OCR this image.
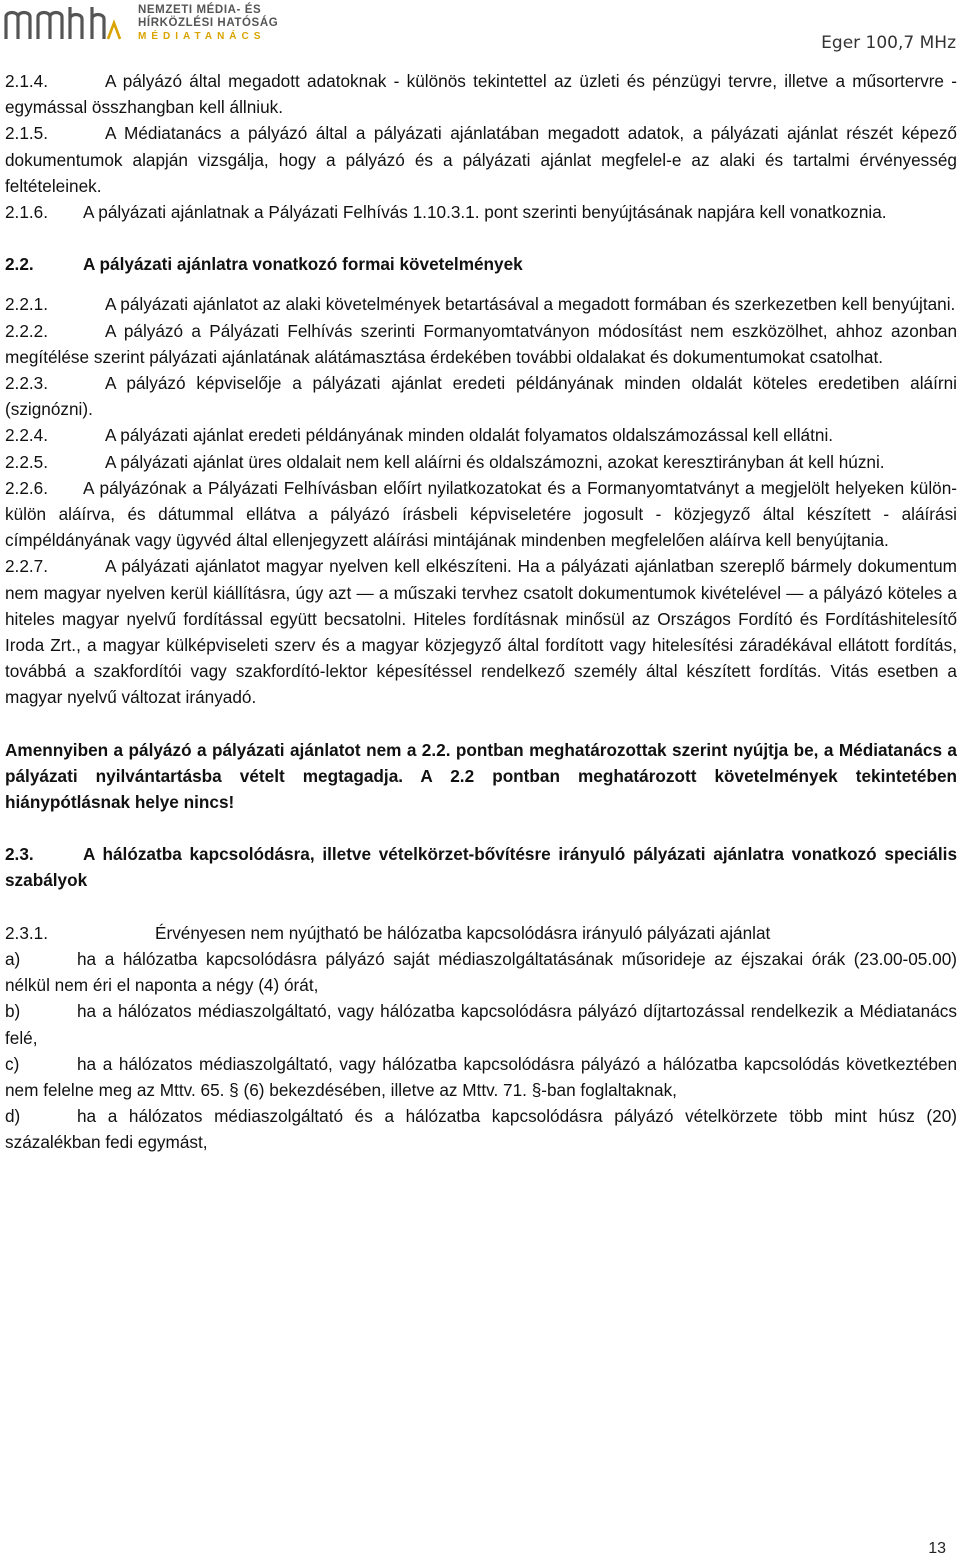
NEMZETI MÉDIA- ÉS
HÍRKÖZLÉSI HATÓSÁG
MÉDIATANÁCS	Eger 100,7 MHz

2.1.4.	A pályázó által megadott adatoknak - különös tekintettel az üzleti és pénzügyi tervre, illetve a műsortervre - egymással összhangban kell állniuk.

2.1.5.	A Médiatanács a pályázó által a pályázati ajánlatában megadott adatok, a pályázati ajánlat részét képező dokumentumok alapján vizsgálja, hogy a pályázó és a pályázati ajánlat megfelel-e az alaki és tartalmi érvényesség feltételeinek.

2.1.6. A pályázati ajánlatnak a Pályázati Felhívás 1.10.3.1. pont szerinti benyújtásának napjára kell vonatkoznia.

2.2.	A pályázati ajánlatra vonatkozó formai követelmények

2.2.1.	A pályázati ajánlatot az alaki követelmények betartásával a megadott formában és szerkezetben kell benyújtani.

2.2.2.	A pályázó a Pályázati Felhívás szerinti Formanyomtatványon módosítást nem eszközölhet, ahhoz azonban megítélése szerint pályázati ajánlatának alátámasztása érdekében további oldalakat és dokumentumokat csatolhat.

2.2.3.	A pályázó képviselője a pályázati ajánlat eredeti példányának minden oldalát köteles eredetiben aláírni (szignózni).

2.2.4.	A pályázati ajánlat eredeti példányának minden oldalát folyamatos oldalszámozással kell ellátni.

2.2.5.	A pályázati ajánlat üres oldalait nem kell aláírni és oldalszámozni, azokat keresztirányban át kell húzni.

2.2.6. A pályázónak a Pályázati Felhívásban előírt nyilatkozatokat és a Formanyomtatványt a megjelölt helyeken külön-külön aláírva, és dátummal ellátva a pályázó írásbeli képviseletére jogosult - közjegyző által készített - aláírási címpéldányának vagy ügyvéd által ellenjegyzett aláírási mintájának mindenben megfelelően aláírva kell benyújtania.

2.2.7.	A pályázati ajánlatot magyar nyelven kell elkészíteni. Ha a pályázati ajánlatban szereplő bármely dokumentum nem magyar nyelven kerül kiállításra, úgy azt — a műszaki tervhez csatolt dokumentumok kivételével — a pályázó köteles a hiteles magyar nyelvű fordítással együtt becsatolni. Hiteles fordításnak minősül az Országos Fordító és Fordításhitelesítő Iroda Zrt., a magyar külképviseleti szerv és a magyar közjegyző által fordított vagy hitelesítési záradékával ellátott fordítás, továbbá a szakfordítói vagy szakfordító-lektor képesítéssel rendelkező személy által készített fordítás. Vitás esetben a magyar nyelvű változat irányadó.

Amennyiben a pályázó a pályázati ajánlatot nem a 2.2. pontban meghatározottak szerint nyújtja be, a Médiatanács a pályázati nyilvántartásba vételt megtagadja. A 2.2 pontban meghatározott követelmények tekintetében hiánypótlásnak helye nincs!

2.3.	A hálózatba kapcsolódásra, illetve vételkörzet-bővítésre irányuló pályázati ajánlatra vonatkozó speciális szabályok

2.3.1.	Érvényesen nem nyújtható be hálózatba kapcsolódásra irányuló pályázati ajánlat

a)	ha a hálózatba kapcsolódásra pályázó saját médiaszolgáltatásának műsorideje az éjszakai órák (23.00-05.00) nélkül nem éri el naponta a négy (4) órát,

b)	ha a hálózatos médiaszolgáltató, vagy hálózatba kapcsolódásra pályázó díjtartozással rendelkezik a Médiatanács felé,

c)	ha a hálózatos médiaszolgáltató, vagy hálózatba kapcsolódásra pályázó a hálózatba kapcsolódás következtében nem felelne meg az Mttv. 65. § (6) bekezdésében, illetve az Mttv. 71. §-ban foglaltaknak,

d)	ha a hálózatos médiaszolgáltató és a hálózatba kapcsolódásra pályázó vételkörzete több mint húsz (20) százalékban fedi egymást,

13
